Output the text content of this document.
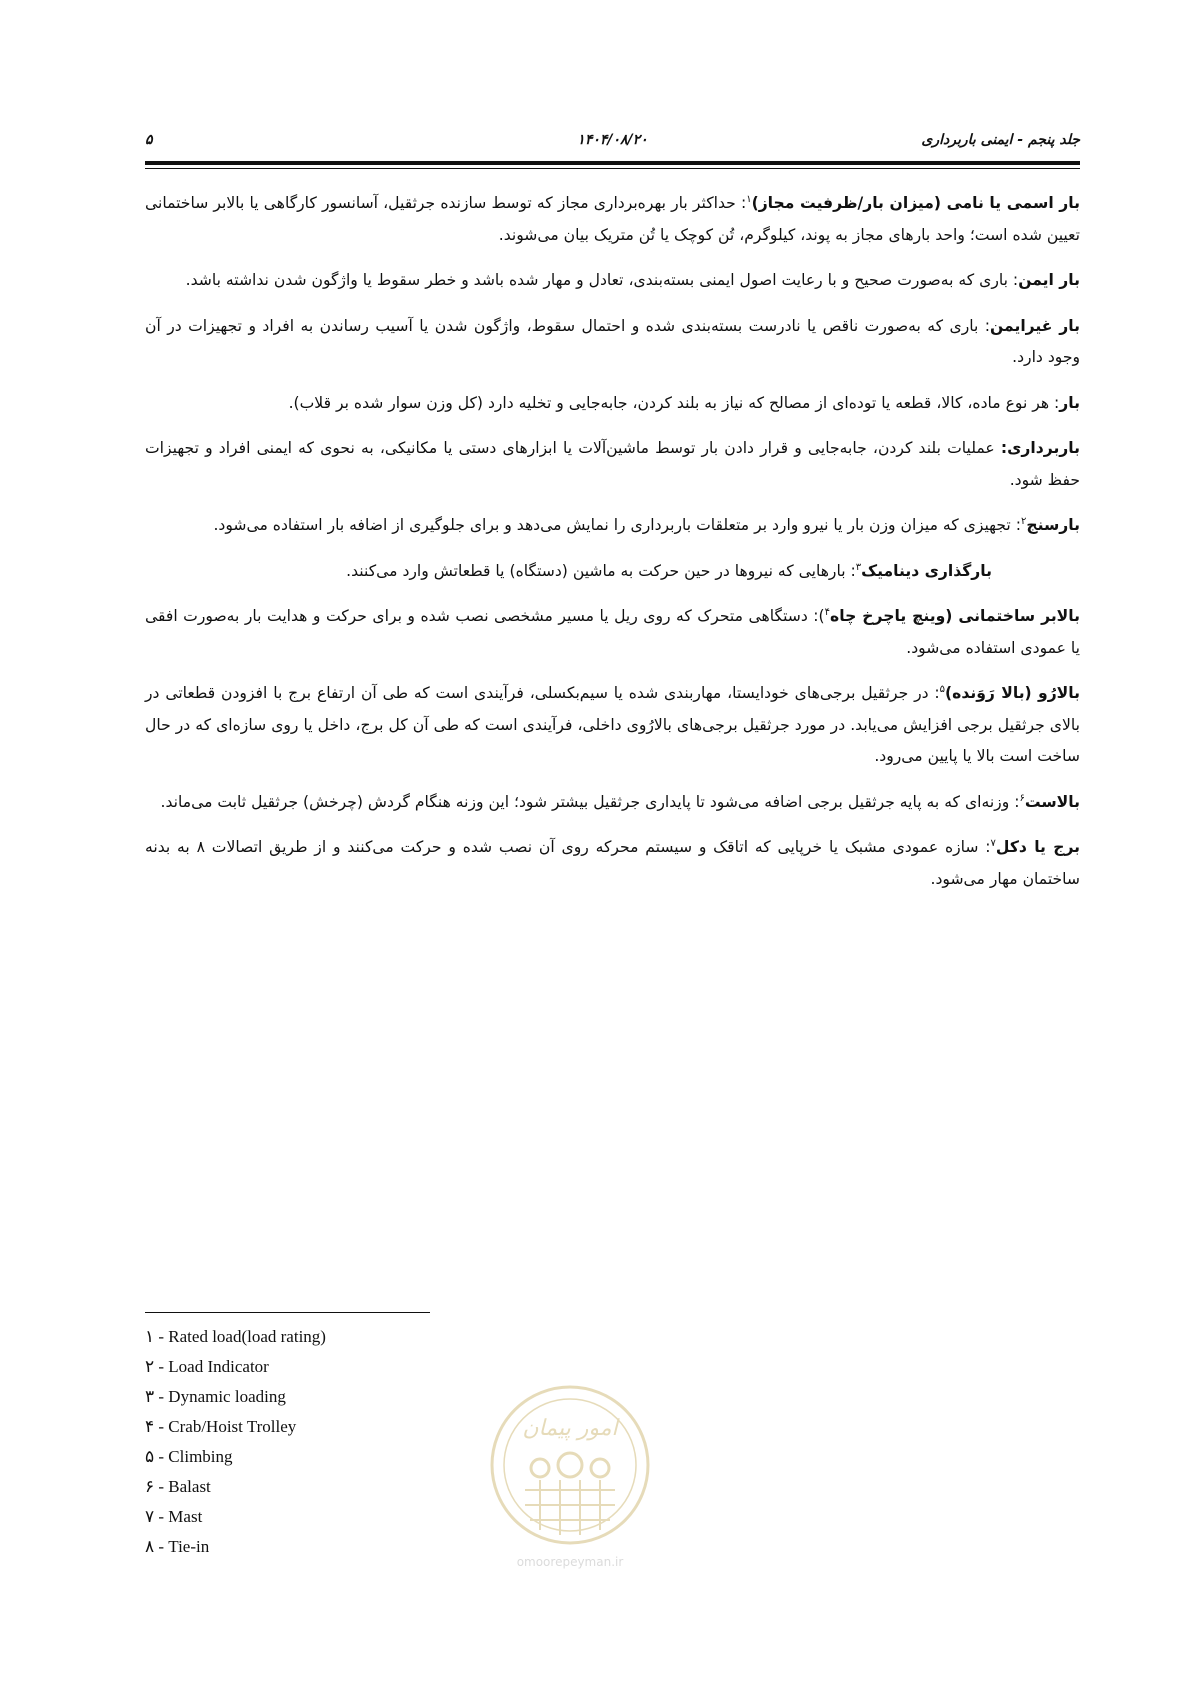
جلد پنجم - ایمنی باربرداری
۱۴۰۴/۰۸/۲۰
۵

بار اسمی یا نامی (میزان بار/ظرفیت مجاز)$^۱$: حداکثر بار بهره‌برداری مجاز که توسط سازنده جرثقیل، آسانسور کارگاهی یا بالابر ساختمانی تعیین شده است؛ واحد بارهای مجاز به پوند، کیلوگرم، تُن کوچک یا تُن متریک بیان می‌شوند.

بار ایمن: باری که به‌صورت صحیح و با رعایت اصول ایمنی بسته‌بندی، تعادل و مهار شده باشد و خطر سقوط یا واژگون شدن نداشته باشد.

بار غیرایمن: باری که به‌صورت ناقص یا نادرست بسته‌بندی شده و احتمال سقوط، واژگون شدن یا آسیب رساندن به افراد و تجهیزات در آن وجود دارد.

بار: هر نوع ماده، کالا، قطعه یا توده‌ای از مصالح که نیاز به بلند کردن، جابه‌جایی و تخلیه دارد (کل وزن سوار شده بر قلاب).

باربرداری: عملیات بلند کردن، جابه‌جایی و قرار دادن بار توسط ماشین‌آلات یا ابزارهای دستی یا مکانیکی، به نحوی که ایمنی افراد و تجهیزات حفظ شود.

بارسنج$^۲$: تجهیزی که میزان وزن بار یا نیرو وارد بر متعلقات باربرداری را نمایش می‌دهد و برای جلوگیری از اضافه بار استفاده می‌شود.

بارگذاری دینامیک$^۳$: بارهایی که نیروها در حین حرکت به ماشین (دستگاه) یا قطعاتش وارد می‌کنند.

بالابر ساختمانی (وینچ یاچرخ چاه$^۴$): دستگاهی متحرک که روی ریل یا مسیر مشخصی نصب شده و برای حرکت و هدایت بار به‌صورت افقی یا عمودی استفاده می‌شود.

بالارُو (بالا رَوَنده)$^۵$: در جرثقیل برجی‌های خودایستا، مهاربندی شده یا سیم‌بکسلی، فرآیندی است که طی آن ارتفاع برج با افزودن قطعاتی در بالای جرثقیل برجی افزایش می‌یابد. در مورد جرثقیل برجی‌های بالارُوی داخلی، فرآیندی است که طی آن کل برج، داخل یا روی سازه‌ای که در حال ساخت است بالا یا پایین می‌رود.

بالاست$^۶$: وزنه‌ای که به پایه جرثقیل برجی اضافه می‌شود تا پایداری جرثقیل بیشتر شود؛ این وزنه هنگام گردش (چرخش) جرثقیل ثابت می‌ماند.

برج یا دکل$^۷$: سازه عمودی مشبک یا خرپایی که اتاقک و سیستم محرکه روی آن نصب شده و حرکت می‌کنند و از طریق اتصالات ۸ به بدنه ساختمان مهار می‌شود.

۱ - Rated load(load rating)
۲ - Load Indicator
۳ - Dynamic loading
۴ - Crab/Hoist Trolley
۵ - Climbing
۶ - Balast
۷ - Mast
۸ - Tie-in
امور پیمان
omoorepeyman.ir
